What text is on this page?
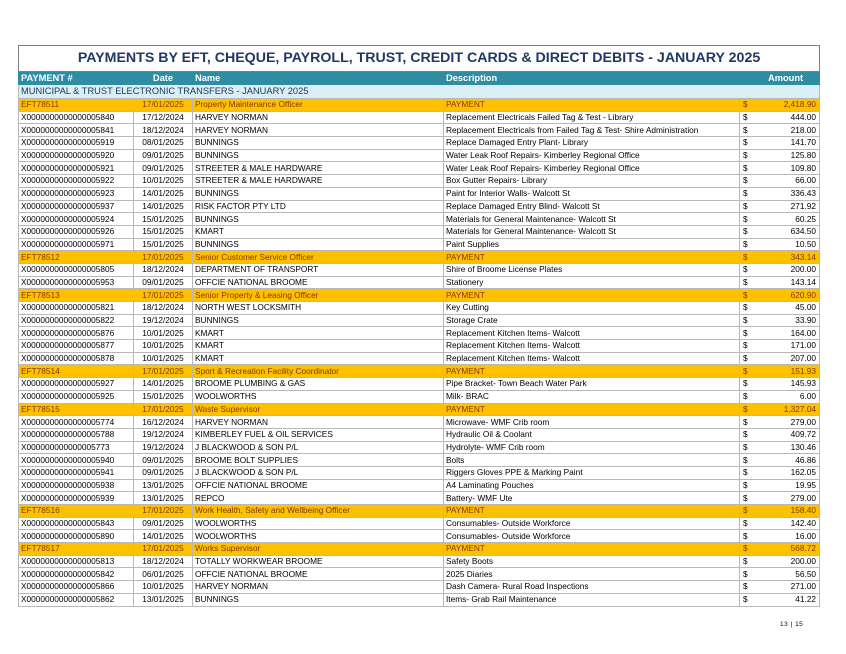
PAYMENTS BY EFT, CHEQUE, PAYROLL, TRUST, CREDIT CARDS & DIRECT DEBITS - JANUARY 2025					
PAYMENT #	Date	Name	Description	Amount	
MUNICIPAL & TRUST ELECTRONIC TRANSFERS - JANUARY 2025					
EFT78511	17/01/2025	Property Maintenance Officer	PAYMENT	$	2,418.90
X0000000000000005840	17/12/2024	HARVEY NORMAN	Replacement Electricals Failed Tag & Test - Library	$	444.00
X0000000000000005841	18/12/2024	HARVEY NORMAN	Replacement Electricals from Failed Tag & Test- Shire Administration	$	218.00
X0000000000000005919	08/01/2025	BUNNINGS	Replace Damaged Entry Plant- Library	$	141.70
X0000000000000005920	09/01/2025	BUNNINGS	Water Leak Roof Repairs- Kimberley Regional Office	$	125.80
X0000000000000005921	09/01/2025	STREETER & MALE HARDWARE	Water Leak Roof Repairs- Kimberley Regional Office	$	109.80
X0000000000000005922	10/01/2025	STREETER & MALE HARDWARE	Box Gutter Repairs- Library	$	66.00
X0000000000000005923	14/01/2025	BUNNINGS	Paint for Interior Walls- Walcott St	$	336.43
X0000000000000005937	14/01/2025	RISK FACTOR PTY LTD	Replace Damaged Entry Blind- Walcott St	$	271.92
X0000000000000005924	15/01/2025	BUNNINGS	Materials for General Maintenance- Walcott St	$	60.25
X0000000000000005926	15/01/2025	KMART	Materials for General Maintenance- Walcott St	$	634.50
X0000000000000005971	15/01/2025	BUNNINGS	Paint Supplies	$	10.50
EFT78512	17/01/2025	Senior Customer Service Officer	PAYMENT	$	343.14
X0000000000000005805	18/12/2024	DEPARTMENT OF TRANSPORT	Shire of Broome License Plates	$	200.00
X0000000000000005953	09/01/2025	OFFCIE NATIONAL BROOME	Stationery	$	143.14
EFT78513	17/01/2025	Senior Property & Leasing Officer	PAYMENT	$	620.90
X0000000000000005821	18/12/2024	NORTH WEST LOCKSMITH	Key Cutting	$	45.00
X0000000000000005822	19/12/2024	BUNNINGS	Storage Crate	$	33.90
X0000000000000005876	10/01/2025	KMART	Replacement Kitchen Items- Walcott	$	164.00
X0000000000000005877	10/01/2025	KMART	Replacement Kitchen Items- Walcott	$	171.00
X0000000000000005878	10/01/2025	KMART	Replacement Kitchen Items- Walcott	$	207.00
EFT78514	17/01/2025	Sport & Recreation Facility Coordinator	PAYMENT	$	151.93
X0000000000000005927	14/01/2025	BROOME PLUMBING & GAS	Pipe Bracket- Town Beach Water Park	$	145.93
X0000000000000005925	15/01/2025	WOOLWORTHS	Milk- BRAC	$	6.00
EFT78515	17/01/2025	Waste Supervisor	PAYMENT	$	1,327.04
X0000000000000005774	16/12/2024	HARVEY NORMAN	Microwave- WMF Crib room	$	279.00
X0000000000000005788	19/12/2024	KIMBERLEY FUEL & OIL SERVICES	Hydraulic Oil & Coolant	$	409.72
X000000000000005773	19/12/2024	J BLACKWOOD & SON P/L	Hydrolyte- WMF Crib room	$	130.46
X0000000000000005940	09/01/2025	BROOME BOLT SUPPLIES	Bolts	$	46.86
X0000000000000005941	09/01/2025	J BLACKWOOD & SON P/L	Riggers Gloves PPE & Marking Paint	$	162.05
X0000000000000005938	13/01/2025	OFFCIE NATIONAL BROOME	A4 Laminating Pouches	$	19.95
X0000000000000005939	13/01/2025	REPCO	Battery- WMF Ute	$	279.00
EFT78516	17/01/2025	Work Health, Safety and Wellbeing Officer	PAYMENT	$	158.40
X0000000000000005843	09/01/2025	WOOLWORTHS	Consumables- Outside Workforce	$	142.40
X0000000000000005890	14/01/2025	WOOLWORTHS	Consumables- Outside Workforce	$	16.00
EFT78517	17/01/2025	Works Supervisor	PAYMENT	$	568.72
X0000000000000005813	18/12/2024	TOTALLY WORKWEAR BROOME	Safety Boots	$	200.00
X0000000000000005842	06/01/2025	OFFCIE NATIONAL BROOME	2025 Diaries	$	56.50
X0000000000000005866	10/01/2025	HARVEY NORMAN	Dash Camera- Rural Road Inspections	$	271.00
X0000000000000005862	13/01/2025	BUNNINGS	Items- Grab Rail Maintenance	$	41.22
13 | 15
